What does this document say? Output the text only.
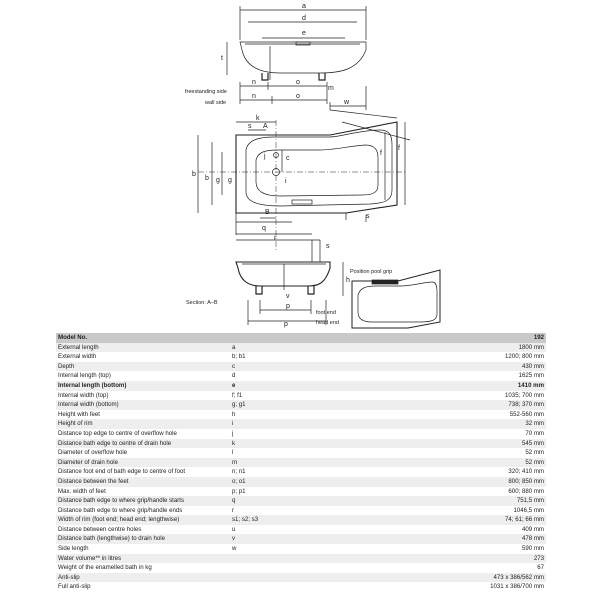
a
d
e
t
n	o
n	o
m
w
k
s A
j	c
f
f
b
b g g	i
B
q
s
r
s
h
v
p
p
freestanding side
wall side
Section: A–B
foot end
head end
Position pool grip
Model No.		192
External length	a	1800 mm
External width	b; b1	1200; 800 mm
Depth	c	430 mm
Internal length (top)	d	1625 mm
Internal length (bottom)	e	1410 mm
Internal width (top)	f; f1	1035; 700 mm
Internal width (bottom)	g; g1	738; 370 mm
Height with feet	h	552-560 mm
Height of rim	i	32 mm
Distance top edge to centre of overflow hole	j	70 mm
Distance bath edge to centre of drain hole	k	545 mm
Diameter of overflow hole	l	52 mm
Diameter of drain hole	m	52 mm
Distance foot end of bath edge to centre of foot	n; n1	320; 410 mm
Distance between the feet	o; o1	800; 850 mm
Max. width of feet	p; p1	600; 880 mm
Distance bath edge to where grip/handle starts	q	751,5 mm
Distance bath edge to where grip/handle ends	r	1046,5 mm
Width of rim (foot end; head end; lengthwise)	s1; s2; s3	74; 61; 66 mm
Distance between centre holes	u	409 mm
Distance bath (lengthwise) to drain hole	v	478 mm
Side length	w	590 mm
Water volume** in litres		273
Weight of the enamelled bath in kg		67
Anti-slip		473 x 386/562 mm
Full anti-slip		1031 x 386/700 mm
